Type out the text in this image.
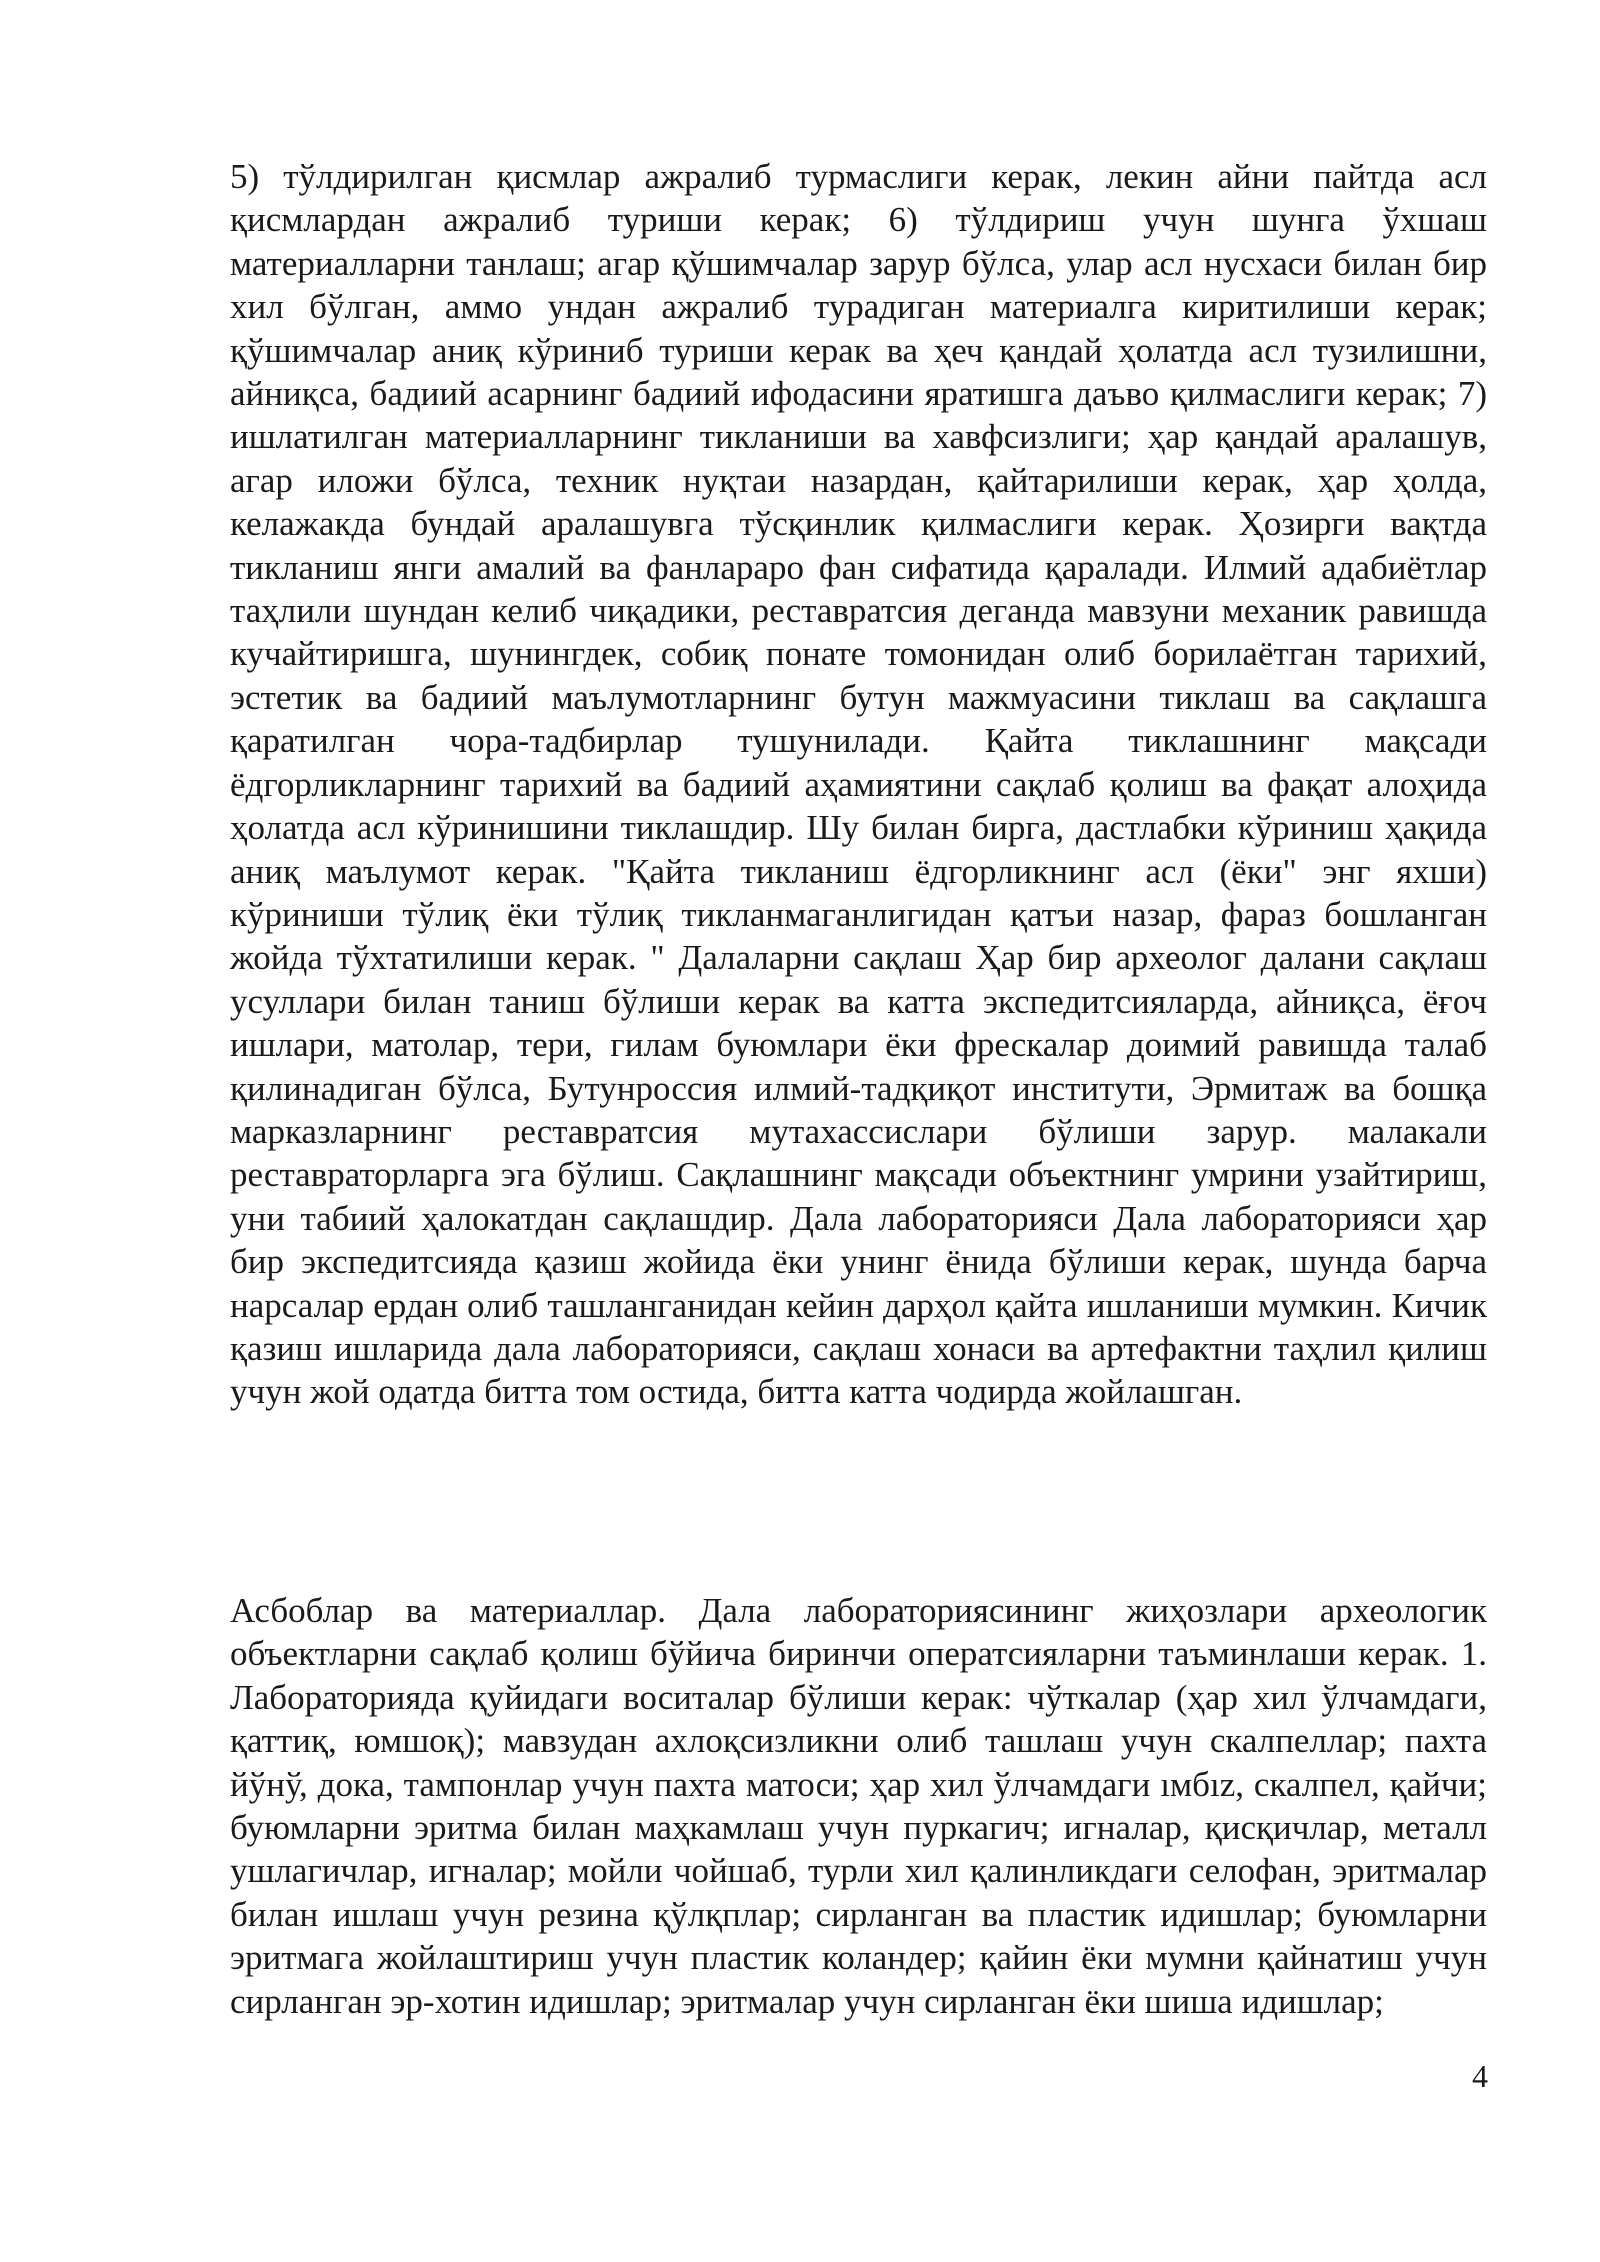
5) тўлдирилган қисмлар ажралиб турмаслиги керак, лекин айни пайтда асл қисмлардан ажралиб туриши керак; 6) тўлдириш учун шунга ўхшаш материалларни танлаш; агар қўшимчалар зарур бўлса, улар асл нусхаси билан бир хил бўлган, аммо ундан ажралиб турадиган материалга киритилиши керак; қўшимчалар аниқ кўриниб туриши керак ва ҳеч қандай ҳолатда асл тузилишни, айниқса, бадиий асарнинг бадиий ифодасини яратишга даъво қилмаслиги керак; 7) ишлатилган материалларнинг тикланиши ва хавфсизлиги; ҳар қандай аралашув, агар иложи бўлса, техник нуқтаи назардан, қайтарилиши керак, ҳар ҳолда, келажакда бундай аралашувга тўсқинлик қилмаслиги керак. Ҳозирги вақтда тикланиш янги амалий ва фанлараро фан сифатида қаралади. Илмий адабиётлар таҳлили шундан келиб чиқадики, реставратсия деганда мавзуни механик равишда кучайтиришга, шунингдек, собиқ понате томонидан олиб борилаётган тарихий, эстетик ва бадиий маълумотларнинг бутун мажмуасини тиклаш ва сақлашга қаратилган чора-тадбирлар тушунилади. Қайта тиклашнинг мақсади ёдгорликларнинг тарихий ва бадиий аҳамиятини сақлаб қолиш ва фақат алоҳида ҳолатда асл кўринишини тиклашдир. Шу билан бирга, дастлабки кўриниш ҳақида аниқ маълумот керак. "Қайта тикланиш ёдгорликнинг асл (ёки" энг яхши) кўриниши тўлиқ ёки тўлиқ тикланмаганлигидан қатъи назар, фараз бошланган жойда тўхтатилиши керак. " Далаларни сақлаш Ҳар бир археолог далани сақлаш усуллари билан таниш бўлиши керак ва катта экспедитсияларда, айниқса, ёғоч ишлари, матолар, тери, гилам буюмлари ёки фрескалар доимий равишда талаб қилинадиган бўлса, Бутунроссия илмий-тадқиқот институти, Эрмитаж ва бошқа марказларнинг реставратсия мутахассислари бўлиши зарур. малакали реставраторларга эга бўлиш. Сақлашнинг мақсади объектнинг умрини узайтириш, уни табиий ҳалокатдан сақлашдир. Дала лабораторияси Дала лабораторияси ҳар бир экспедитсияда қазиш жойида ёки унинг ёнида бўлиши керак, шунда барча нарсалар ердан олиб ташланганидан кейин дарҳол қайта ишланиши мумкин. Кичик қазиш ишларида дала лабораторияси, сақлаш хонаси ва артефактни таҳлил қилиш учун жой одатда битта том остида, битта катта чодирда жойлашган.

Асбоблар ва материаллар. Дала лабораториясининг жиҳозлари археологик объектларни сақлаб қолиш бўйича биринчи оператсияларни таъминлаши керак. 1. Лабораторияда қуйидаги воситалар бўлиши керак: чўткалар (ҳар хил ўлчамдаги, қаттиқ, юмшоқ); мавзудан ахлоқсизликни олиб ташлаш учун скалпеллар; пахта йўнў, дока, тампонлар учун пахта матоси; ҳар хил ўлчамдаги ıмбız, скалпел, қайчи; буюмларни эритма билан маҳкамлаш учун пуркагич; игналар, қисқичлар, металл ушлагичлар, игналар; мойли чойшаб, турли хил қалинликдаги селофан, эритмалар билан ишлаш учун резина қўлқплар; сирланган ва пластик идишлар; буюмларни эритмага жойлаштириш учун пластик коландер; қайин ёки мумни қайнатиш учун сирланган эр-хотин идишлар; эритмалар учун сирланган ёки шиша идишлар;

4
